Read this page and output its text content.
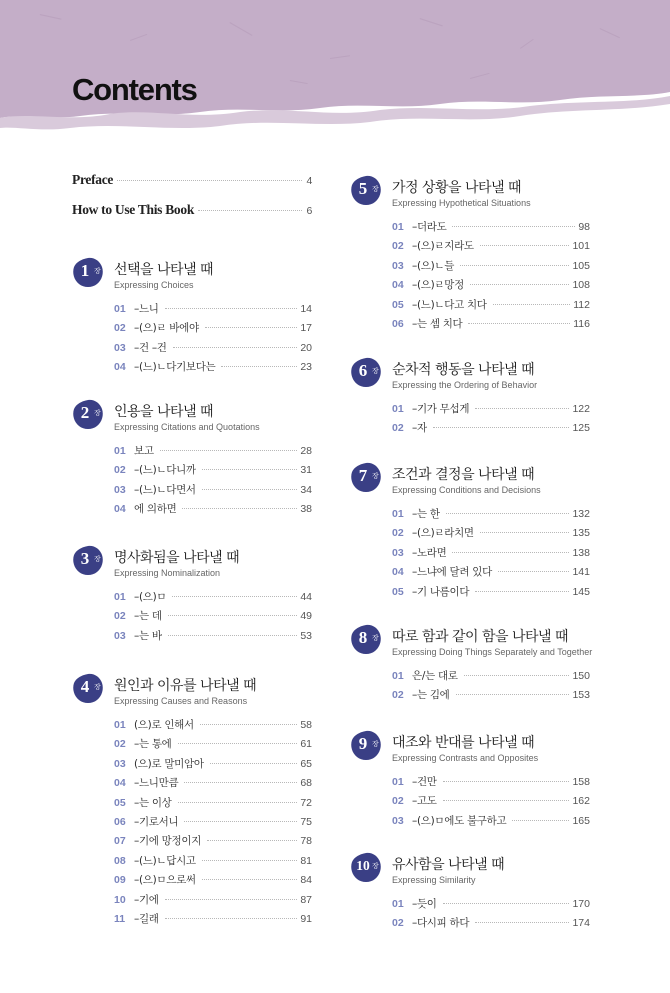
Contents
Preface	4
How to Use This Book	6
1 장 선택을 나타낼 때
Expressing Choices
01 –느니	14
02 –(으)ㄹ 바에야	17
03 –건 –건	20
04 –(느)ㄴ다기보다는	23
2 장 인용을 나타낼 때
Expressing Citations and Quotations
01 보고	28
02 –(느)ㄴ다니까	31
03 –(느)ㄴ다면서	34
04 에 의하면	38
3 장 명사화됨을 나타낼 때
Expressing Nominalization
01 –(으)ㅁ	44
02 –는 데	49
03 –는 바	53
4 장 원인과 이유를 나타낼 때
Expressing Causes and Reasons
01 (으)로 인해서	58
02 –는 통에	61
03 (으)로 말미암아	65
04 –느니만큼	68
05 –는 이상	72
06 –기로서니	75
07 –기에 망정이지	78
08 –(느)ㄴ답시고	81
09 –(으)ㅁ으로써	84
10 –기에	87
11 –길래	91
5 장 가정 상황을 나타낼 때
Expressing Hypothetical Situations
01 –더라도	98
02 –(으)ㄹ지라도	101
03 –(으)ㄴ들	105
04 –(으)ㄹ망정	108
05 –(느)ㄴ다고 치다	112
06 –는 셈 치다	116
6 장 순차적 행동을 나타낼 때
Expressing the Ordering of Behavior
01 –기가 무섭게	122
02 –자	125
7 장 조건과 결정을 나타낼 때
Expressing Conditions and Decisions
01 –는 한	132
02 –(으)ㄹ라치면	135
03 –노라면	138
04 –느냐에 달려 있다	141
05 –기 나름이다	145
8 장 따로 함과 같이 함을 나타낼 때
Expressing Doing Things Separately and Together
01 은/는 대로	150
02 –는 김에	153
9 장 대조와 반대를 나타낼 때
Expressing Contrasts and Opposites
01 –건만	158
02 –고도	162
03 –(으)ㅁ에도 불구하고	165
10 장 유사함을 나타낼 때
Expressing Similarity
01 –듯이	170
02 –다시피 하다	174
